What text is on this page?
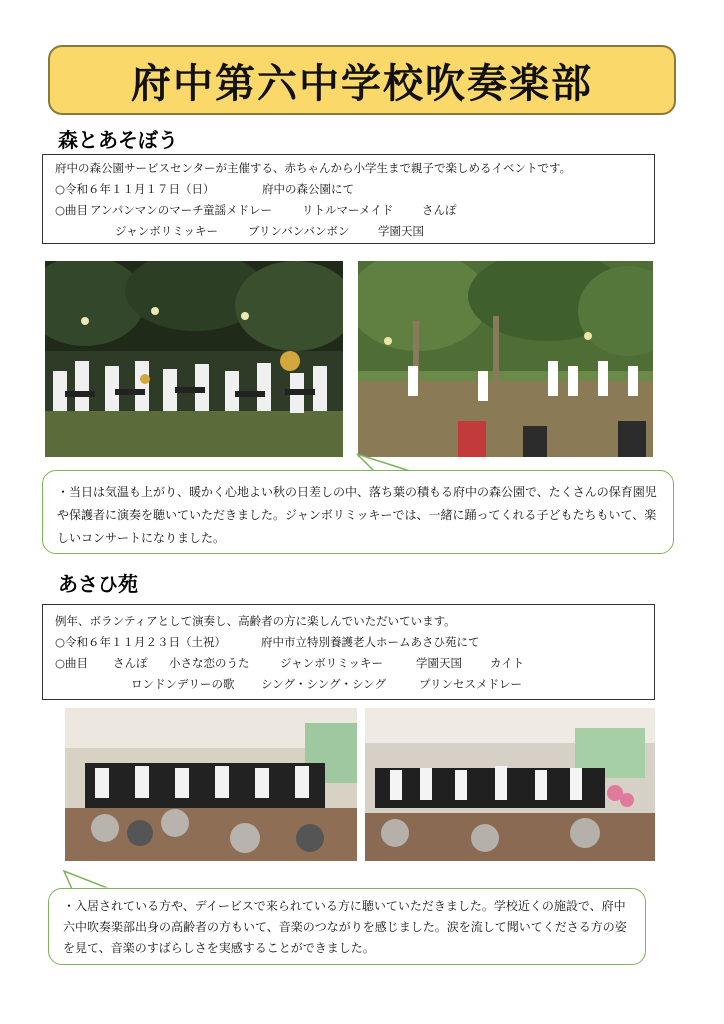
府中第六中学校吹奏楽部
森とあそぼう
府中の森公園サービスセンターが主催する、赤ちゃんから小学生まで親子で楽しめるイベントです。
○令和６年１１月１７日（日）	府中の森公園にて
○曲目 アンパンマンのマーチ 童謡メドレー	リトルマーメイド	さんぽ
ジャンボリミッキー	ブリンバンバンボン	学園天国
・当日は気温も上がり、暖かく心地よい秋の日差しの中、落ち葉の積もる府中の森公園で、たくさんの保育園児や保護者に演奏を聴いていただきました。ジャンボリミッキーでは、一緒に踊ってくれる子どもたちもいて、楽しいコンサートになりました。
あさひ苑
例年、ボランティアとして演奏し、高齢者の方に楽しんでいただいています。
○令和６年１１月２３日（土祝）	府中市立特別養護老人ホームあさひ苑にて
○曲目	さんぽ	小さな恋のうた	ジャンボリミッキー	学園天国	カイト
ロンドンデリーの歌	シング・シング・シング	プリンセスメドレー
・入居されている方や、デイービスで来られている方に聴いていただきました。学校近くの施設で、府中六中吹奏楽部出身の高齢者の方もいて、音楽のつながりを感じました。涙を流して聞いてくださる方の姿を見て、音楽のすばらしさを実感することができました。
